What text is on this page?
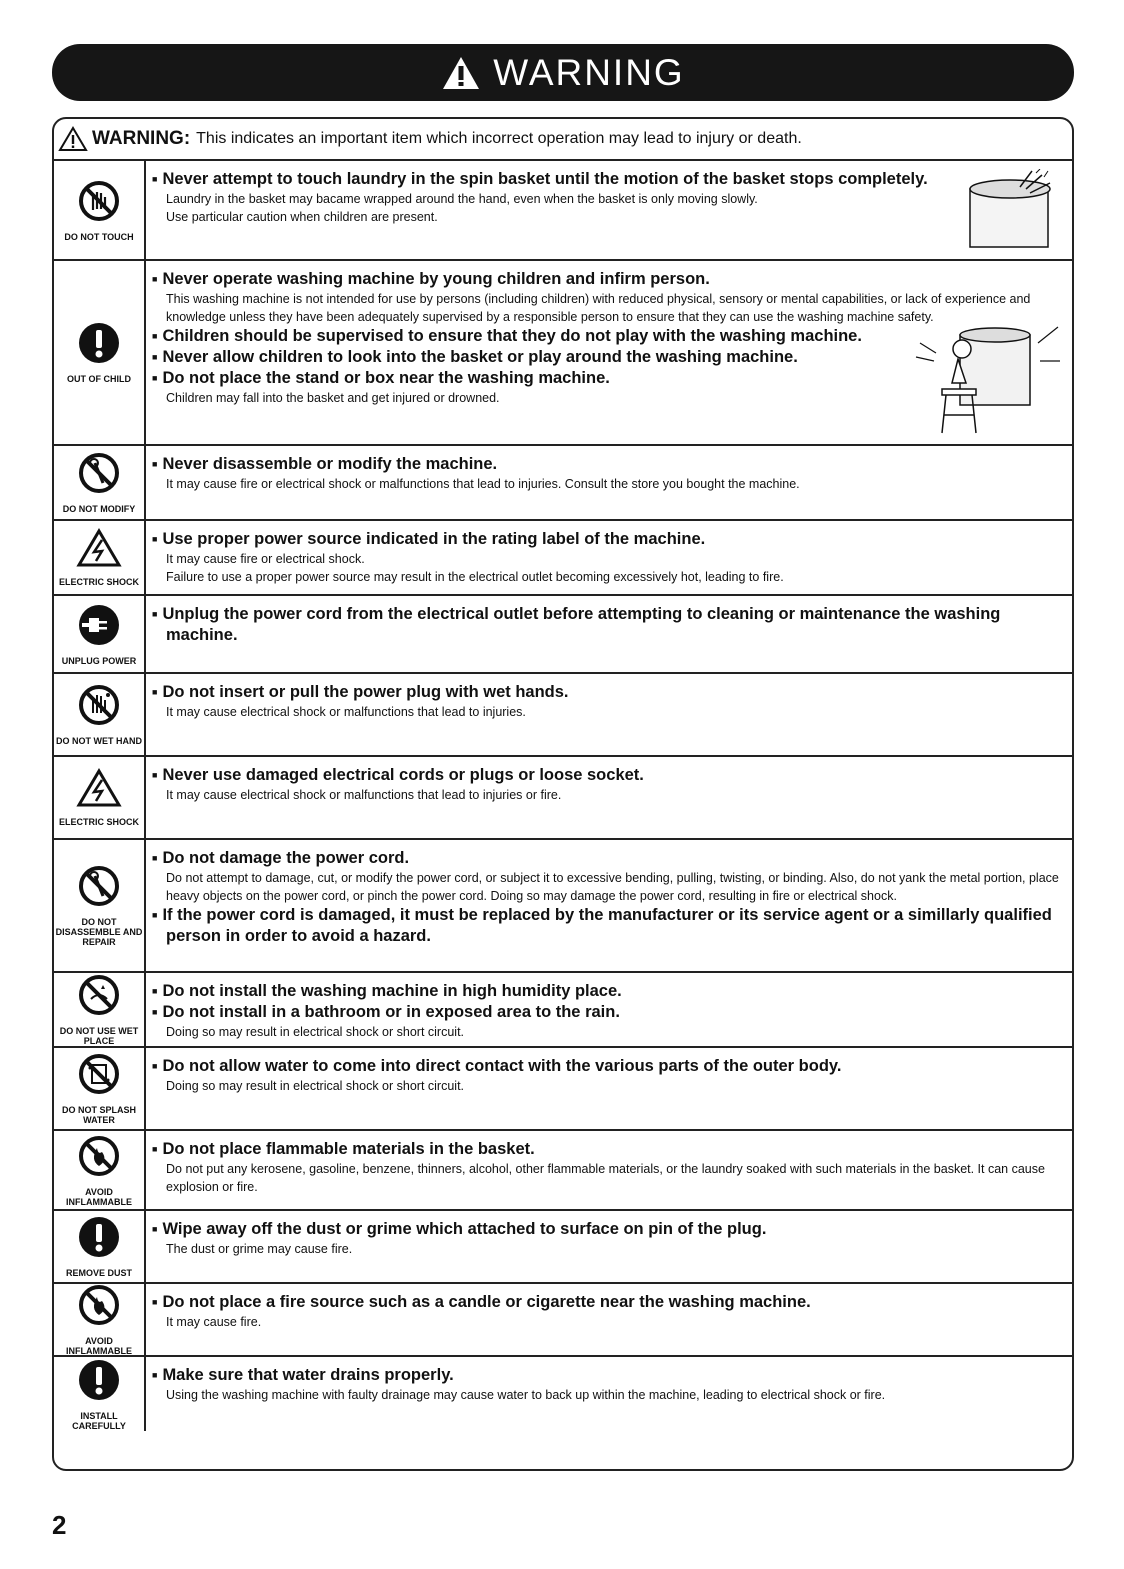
WARNING
WARNING: This indicates an important item which incorrect operation may lead to injury or death.
DO NOT TOUCH
■ Never attempt to touch laundry in the spin basket until the motion of the basket stops completely.
Laundry in the basket may bacame wrapped around the hand, even when the basket is only moving slowly.
Use particular caution when children are present.
OUT OF CHILD
■ Never operate washing machine by young children and infirm person.
This washing machine is not intended for use by persons (including children) with reduced physical, sensory or mental capabilities, or lack of experience and knowledge unless they have been adequately supervised by a responsible person to ensure that they can use the washing machine safety.
■ Children should be supervised to ensure that they do not play with the washing machine.
■ Never allow children to look into the basket or play around the washing machine.
■ Do not place the stand or box near the washing machine.
Children may fall into the basket and get injured or drowned.
DO NOT MODIFY
■ Never disassemble or modify the machine.
It may cause fire or electrical shock or malfunctions that lead to injuries. Consult the store you bought the machine.
ELECTRIC SHOCK
■ Use proper power source indicated in the rating label of the machine.
It may cause fire or electrical shock.
Failure to use a proper power source may result in the electrical outlet becoming excessively hot, leading to fire.
UNPLUG POWER
■ Unplug the power cord from the electrical outlet before attempting to cleaning or maintenance the washing machine.
DO NOT WET HAND
■ Do not insert or pull the power plug with wet hands.
It may cause electrical shock or malfunctions that lead to injuries.
ELECTRIC SHOCK
■ Never use damaged electrical cords or plugs or loose socket.
It may cause electrical shock or malfunctions that lead to injuries or fire.
DO NOT DISASSEMBLE AND REPAIR
■ Do not damage the power cord.
Do not attempt to damage, cut, or modify the power cord, or subject it to excessive bending, pulling, twisting, or binding. Also, do not yank the metal portion, place heavy objects on the power cord, or pinch the power cord. Doing so may damage the power cord, resulting in fire or electrical shock.
■ If the power cord is damaged, it must be replaced by the manufacturer or its service agent or a simillarly qualified person in order to avoid a hazard.
DO NOT USE WET PLACE
■ Do not install the washing machine in high humidity place.
■ Do not install in a bathroom or in exposed area to the rain.
Doing so may result in electrical shock or short circuit.
DO NOT SPLASH WATER
■ Do not allow water to come into direct contact with the various parts of the outer body.
Doing so may result in electrical shock or short circuit.
AVOID INFLAMMABLE
■ Do not place flammable materials in the basket.
Do not put any kerosene, gasoline, benzene, thinners, alcohol, other flammable materials, or the laundry soaked with such materials in the basket. It can cause explosion or fire.
REMOVE DUST
■ Wipe away off the dust or grime which attached to surface on pin of the plug.
The dust or grime may cause fire.
AVOID INFLAMMABLE
■ Do not place a fire source such as a candle or cigarette near the washing machine.
It may cause fire.
INSTALL CAREFULLY
■ Make sure that water drains properly.
Using the washing machine with faulty drainage may cause water to back up within the machine, leading to electrical shock or fire.
2
